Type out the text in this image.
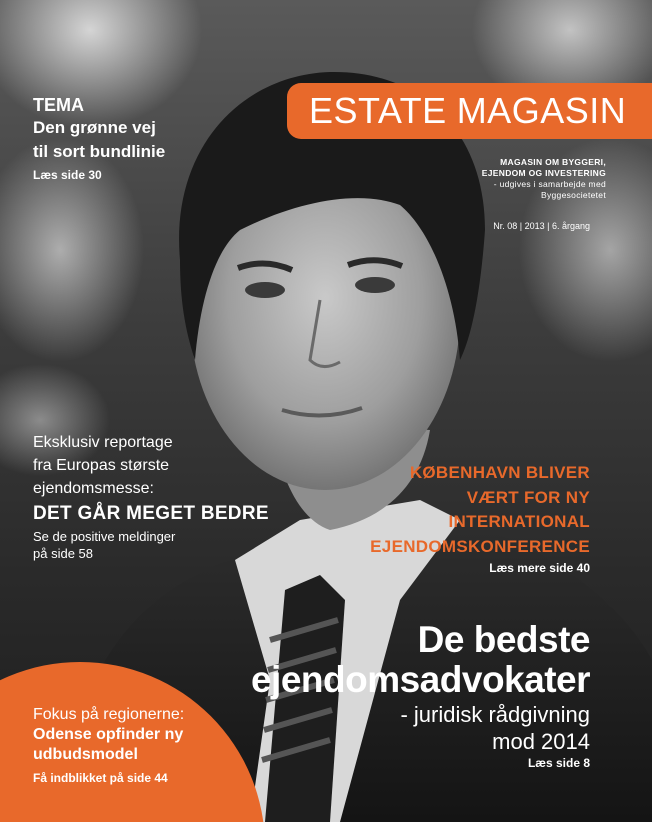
ESTATE MAGASIN
MAGASIN OM BYGGERI,
EJENDOM OG INVESTERING
- udgives i samarbejde med
Byggesocietetet
Nr. 08 | 2013 | 6. årgang
TEMA
Den grønne vej
til sort bundlinie
Læs side 30
Eksklusiv reportage
fra Europas største
ejendomsmesse:
DET GÅR MEGET BEDRE
Se de positive meldinger
på side 58
KØBENHAVN BLIVER
VÆRT FOR NY
INTERNATIONAL
EJENDOMSKONFERENCE
Læs mere side 40
De bedste
ejendomsadvokater
- juridisk rådgivning
mod 2014
Læs side 8
Fokus på regionerne:
Odense opfinder ny
udbudsmodel
Få indblikket på side 44
